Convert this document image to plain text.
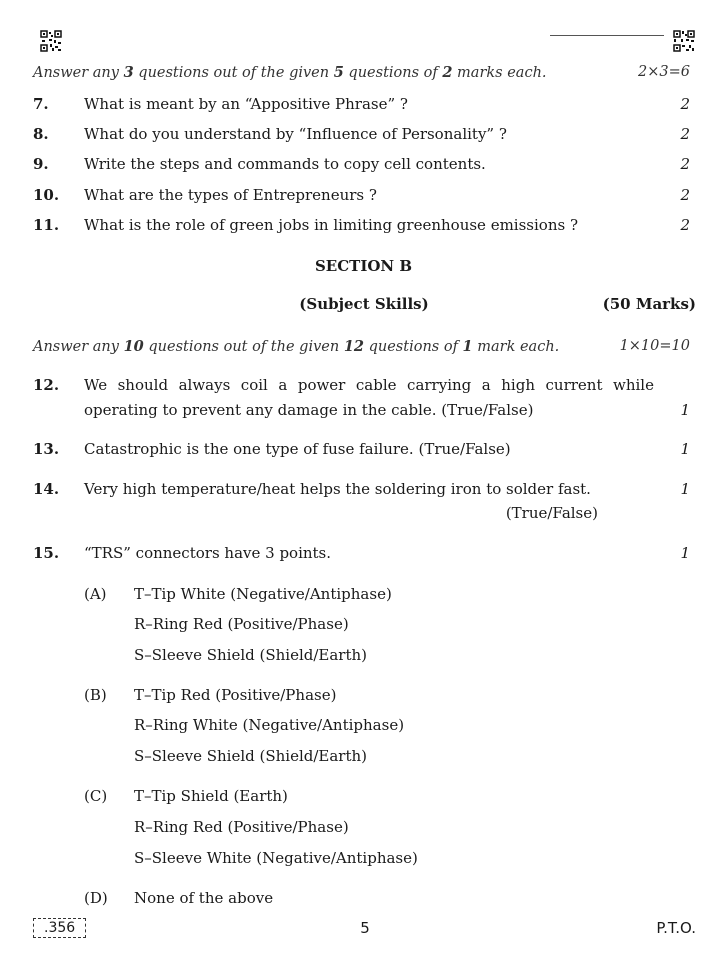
Answer any 3 questions out of the given 5 questions of 2 marks each.	2×3=6
7.	What is meant by an “Appositive Phrase” ?	2
8.	What do you understand by “Influence of Personality” ?	2
9.	Write the steps and commands to copy cell contents.	2
10.	What are the types of Entrepreneurs ?	2
11.	What is the role of green jobs in limiting greenhouse emissions ?	2
SECTION B
(Subject Skills)	(50 Marks)
Answer any 10 questions out of the given 12 questions of 1 mark each.	1×10=10
12.	We should always coil a power cable carrying a high current while
operating to prevent any damage in the cable. (True/False)	1
13.	Catastrophic is the one type of fuse failure. (True/False)	1
14.	Very high temperature/heat helps the soldering iron to solder fast.	1
(True/False)
15.	“TRS” connectors have 3 points.	1
(A)	T–Tip White (Negative/Antiphase)
R–Ring Red (Positive/Phase)
S–Sleeve Shield (Shield/Earth)
(B)	T–Tip Red (Positive/Phase)
R–Ring White (Negative/Antiphase)
S–Sleeve Shield (Shield/Earth)
(C)	T–Tip Shield (Earth)
R–Ring Red (Positive/Phase)
S–Sleeve White (Negative/Antiphase)
(D)	None of the above
.356	5	P.T.O.
